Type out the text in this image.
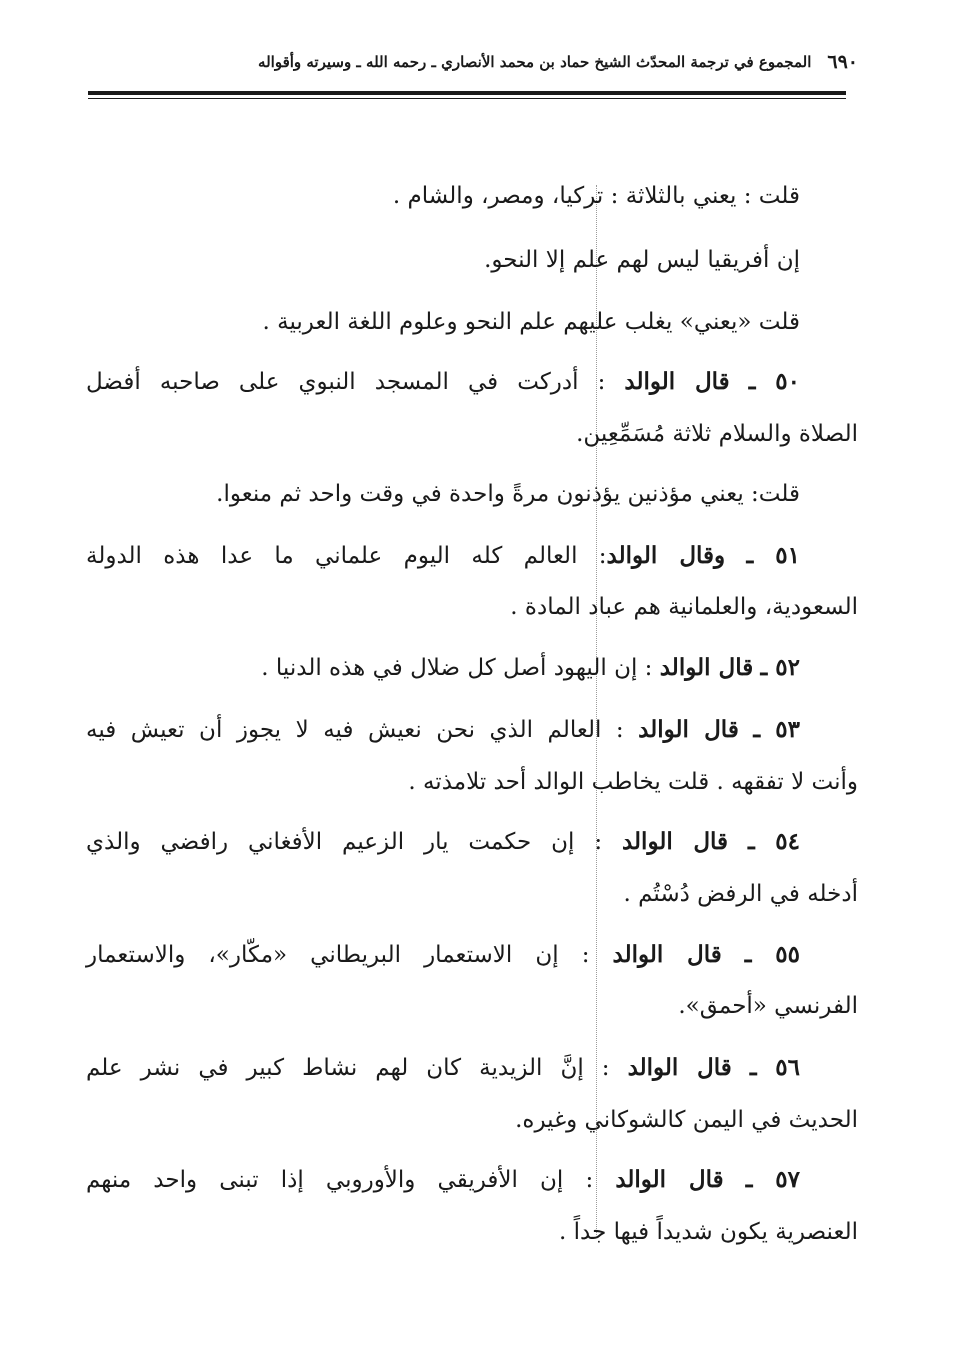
٦٩٠
المجموع في ترجمة المحدّث الشيخ حماد بن محمد الأنصاري ـ رحمه الله ـ وسيرته وأقواله
قلت : يعني بالثلاثة : تركيا، ومصر، والشام .
إن أفريقيا ليس لهم علم إلا النحو.
قلت «يعني» يغلب عليهم علم النحو وعلوم اللغة العربية .
٥٠ ـ قال الوالد : أدركت في المسجد النبوي على صاحبه أفضل
الصلاة والسلام ثلاثة مُسَمِّعِين.
قلت: يعني مؤذنين يؤذنون مرةً واحدة في وقت واحد ثم منعوا.
٥١ ـ وقال الوالد: العالم كله اليوم علماني ما عدا هذه الدولة
السعودية، والعلمانية هم عباد المادة .
٥٢ ـ قال الوالد : إن اليهود أصل كل ضلال في هذه الدنيا .
٥٣ ـ قال الوالد : العالم الذي نحن نعيش فيه لا يجوز أن تعيش فيه
وأنت لا تفقهه . قلت يخاطب الوالد أحد تلامذته .
٥٤ ـ قال الوالد : إن حكمت يار الزعيم الأفغاني رافضي والذي
أدخله في الرفض دُسْتُم .
٥٥ ـ قال الوالد : إن الاستعمار البريطاني «مكّار»، والاستعمار
الفرنسي «أحمق».
٥٦ ـ قال الوالد : إنَّ الزيدية كان لهم نشاط كبير في نشر علم
الحديث في اليمن كالشوكاني وغيره.
٥٧ ـ قال الوالد : إن الأفريقي والأوروبي إذا تبنى واحد منهم
العنصرية يكون شديداً فيها جداً .
